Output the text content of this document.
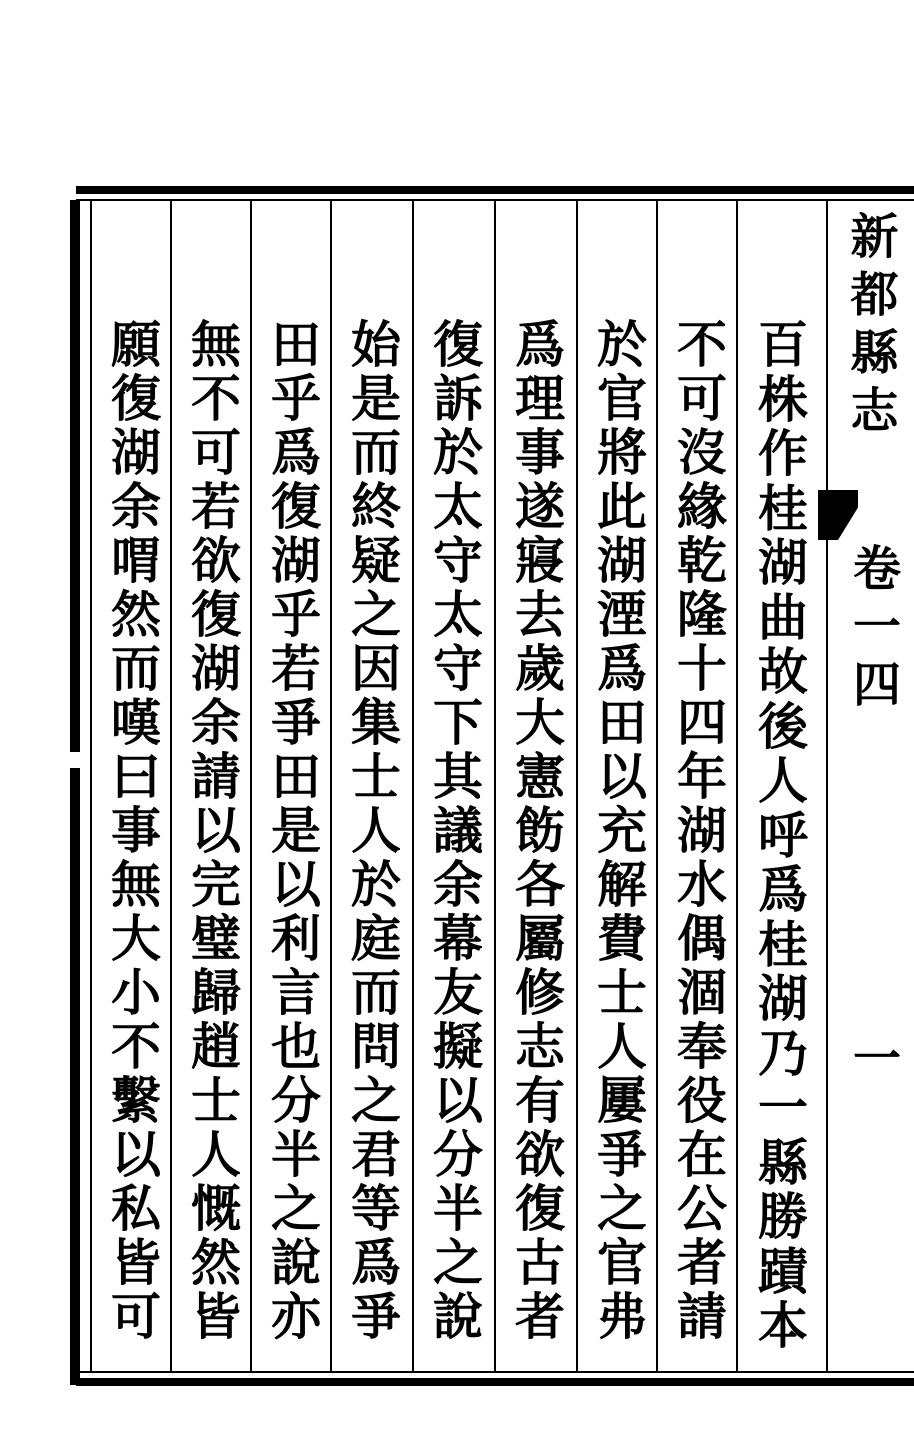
新
都
縣
志
卷
一
四
一
百
株
作
桂
湖
曲
故
後
人
呼
爲
桂
湖
乃
一
縣
勝
蹟
本
不
可
沒
緣
乾
隆
十
四
年
湖
水
偶
涸
奉
役
在
公
者
請
於
官
將
此
湖
湮
爲
田
以
充
解
費
士
人
屢
爭
之
官
弗
爲
理
事
遂
寢
去
歲
大
憲
飭
各
屬
修
志
有
欲
復
古
者
復
訴
於
太
守
太
守
下
其
議
余
幕
友
擬
以
分
半
之
說
始
是
而
終
疑
之
因
集
士
人
於
庭
而
問
之
君
等
爲
爭
田
乎
爲
復
湖
乎
若
爭
田
是
以
利
言
也
分
半
之
說
亦
無
不
可
若
欲
復
湖
余
請
以
完
璧
歸
趙
士
人
慨
然
皆
願
復
湖
余
喟
然
而
嘆
曰
事
無
大
小
不
繫
以
私
皆
可
